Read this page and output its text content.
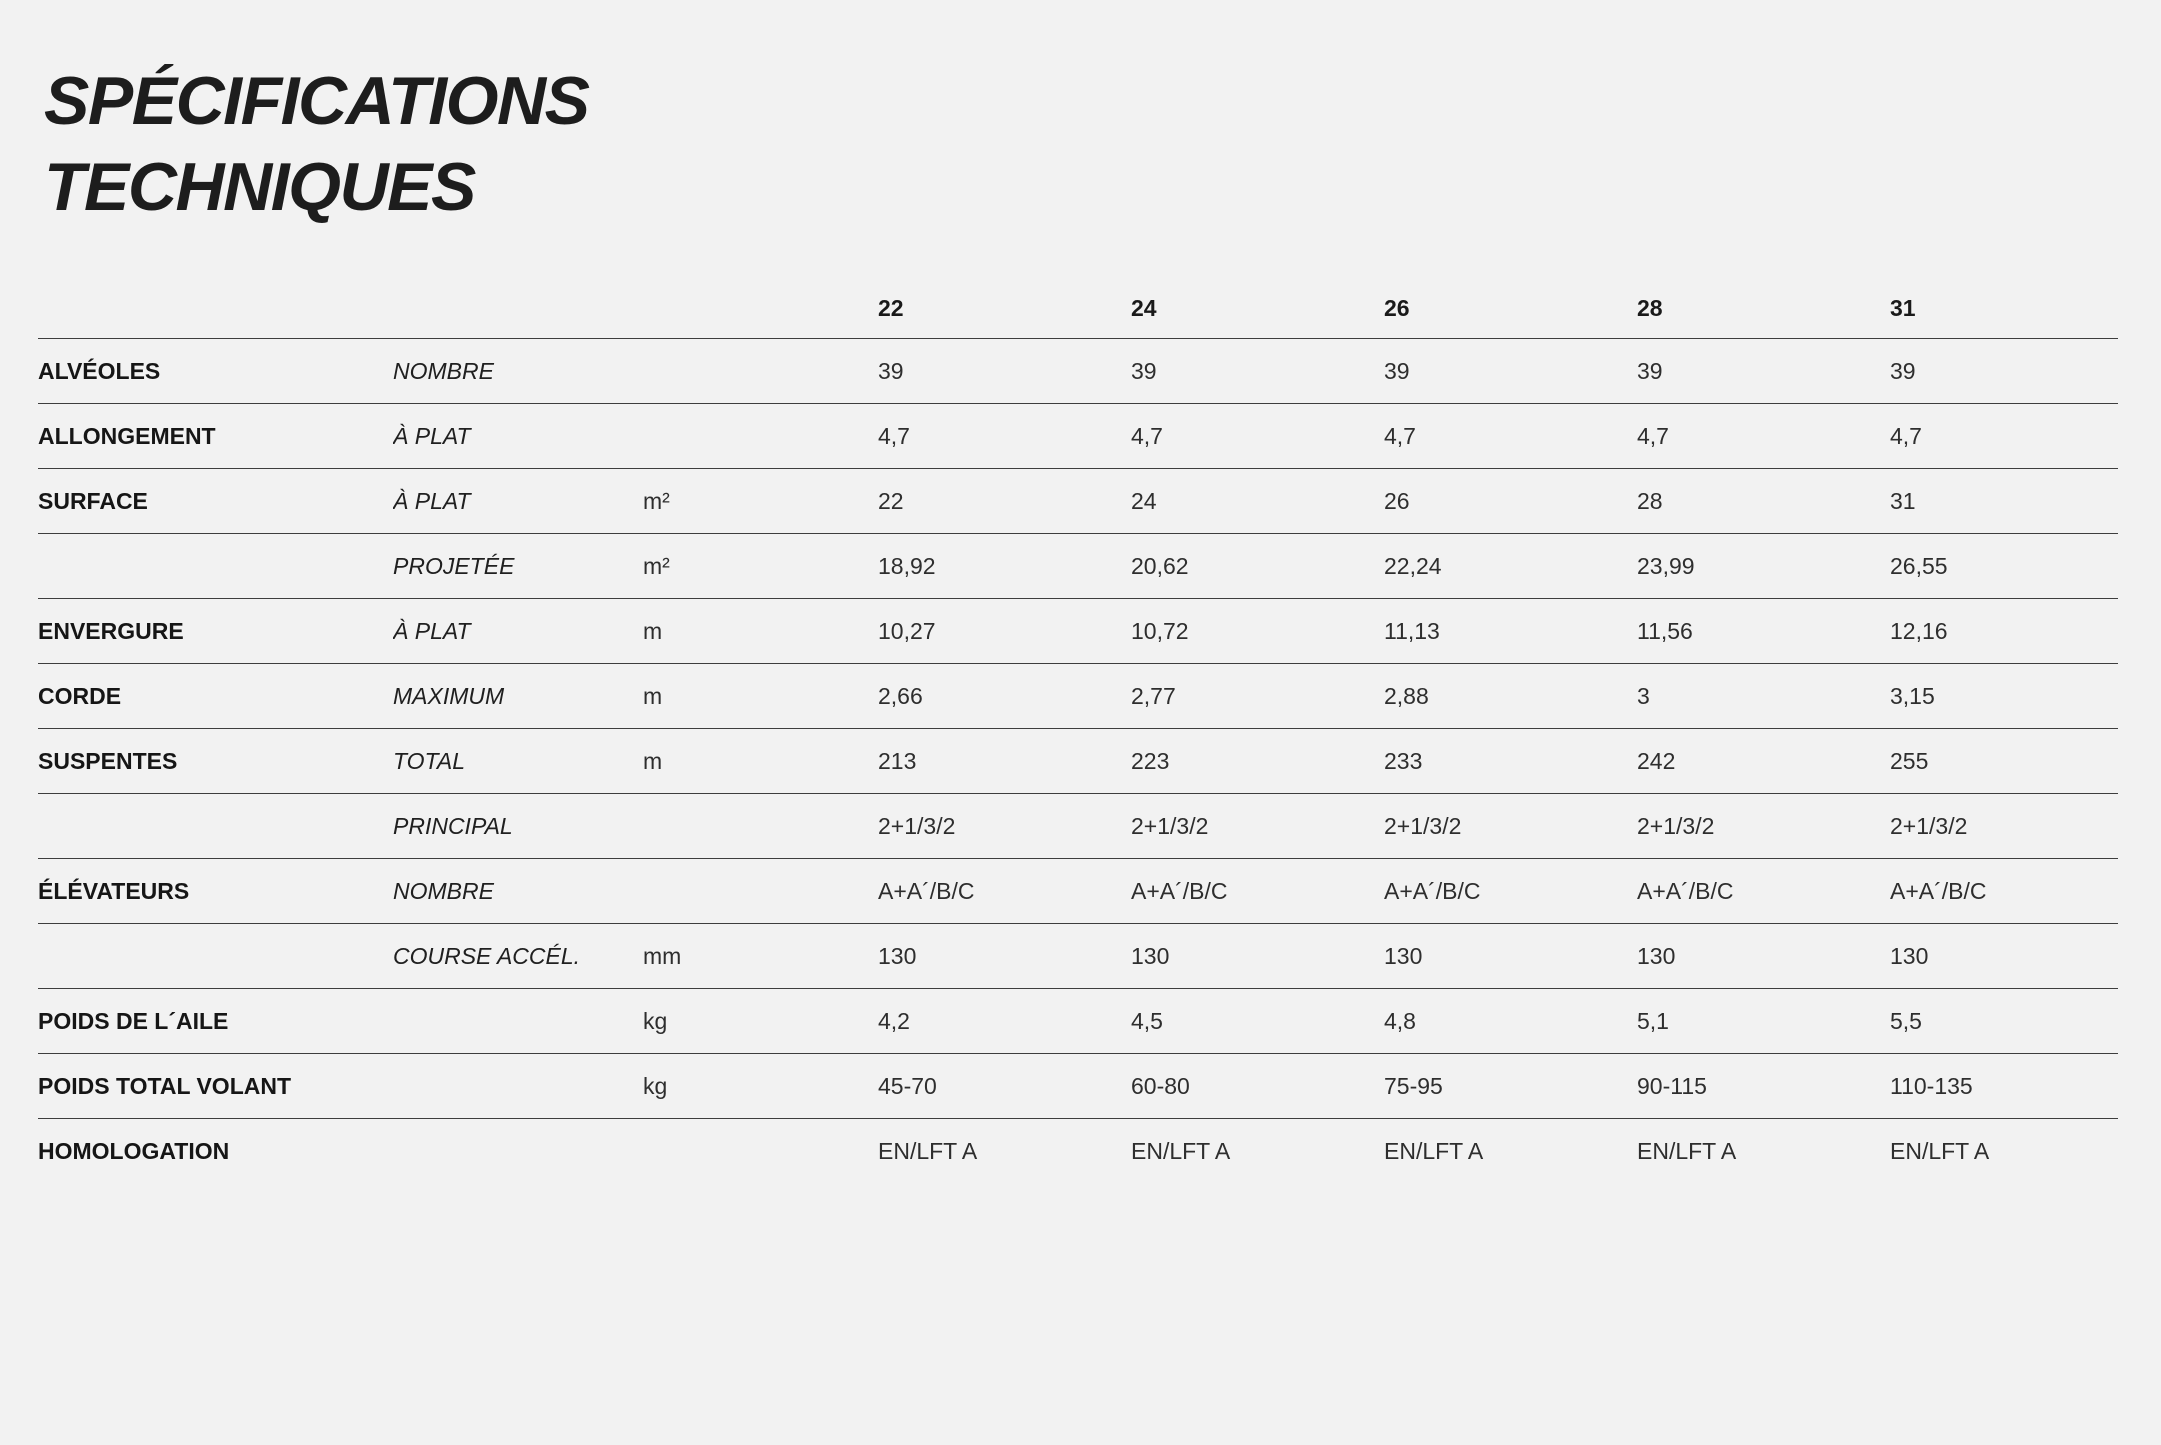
SPÉCIFICATIONS
TECHNIQUES
			22	24	26	28	31
ALVÉOLES	NOMBRE		39	39	39	39	39
ALLONGEMENT	À PLAT		4,7	4,7	4,7	4,7	4,7
SURFACE	À PLAT	m²	22	24	26	28	31
	PROJETÉE	m²	18,92	20,62	22,24	23,99	26,55
ENVERGURE	À PLAT	m	10,27	10,72	11,13	11,56	12,16
CORDE	MAXIMUM	m	2,66	2,77	2,88	3	3,15
SUSPENTES	TOTAL	m	213	223	233	242	255
	PRINCIPAL		2+1/3/2	2+1/3/2	2+1/3/2	2+1/3/2	2+1/3/2
ÉLÉVATEURS	NOMBRE		A+A´/B/C	A+A´/B/C	A+A´/B/C	A+A´/B/C	A+A´/B/C
	COURSE ACCÉL.	mm	130	130	130	130	130
POIDS DE L´AILE		kg	4,2	4,5	4,8	5,1	5,5
POIDS TOTAL VOLANT		kg	45-70	60-80	75-95	90-115	110-135
HOMOLOGATION			EN/LFT A	EN/LFT A	EN/LFT A	EN/LFT A	EN/LFT A
